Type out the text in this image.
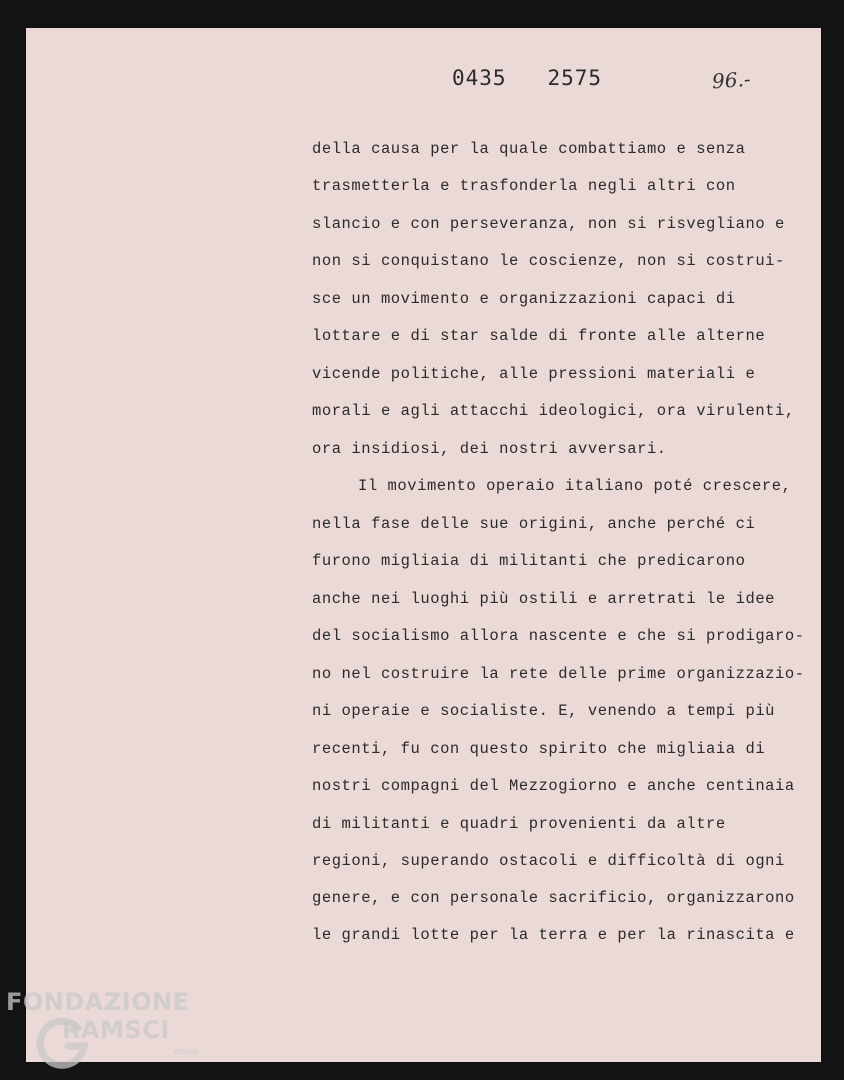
0435   2575	96.-
della causa per la quale combattiamo e senza
trasmetterla e trasfonderla negli altri con
slancio e con perseveranza, non si risvegliano e
non si conquistano le coscienze, non si costrui-
sce un movimento e organizzazioni capaci di
lottare e di star salde di fronte alle alterne
vicende politiche, alle pressioni materiali e
morali e agli attacchi ideologici, ora virulenti,
ora insidiosi, dei nostri avversari.
Il movimento operaio italiano poté crescere,
nella fase delle sue origini, anche perché ci
furono migliaia di militanti che predicarono
anche nei luoghi più ostili e arretrati le idee
del socialismo allora nascente e che si prodigaro-
no nel costruire la rete delle prime organizzazio-
ni operaie e socialiste. E, venendo a tempi più
recenti, fu con questo spirito che migliaia di
nostri compagni del Mezzogiorno e anche centinaia
di militanti e quadri provenienti da altre
regioni, superando ostacoli e difficoltà di ogni
genere, e con personale sacrificio, organizzarono
le grandi lotte per la terra e per la rinascita e
FONDAZIONE
RAMSCI
onlus
